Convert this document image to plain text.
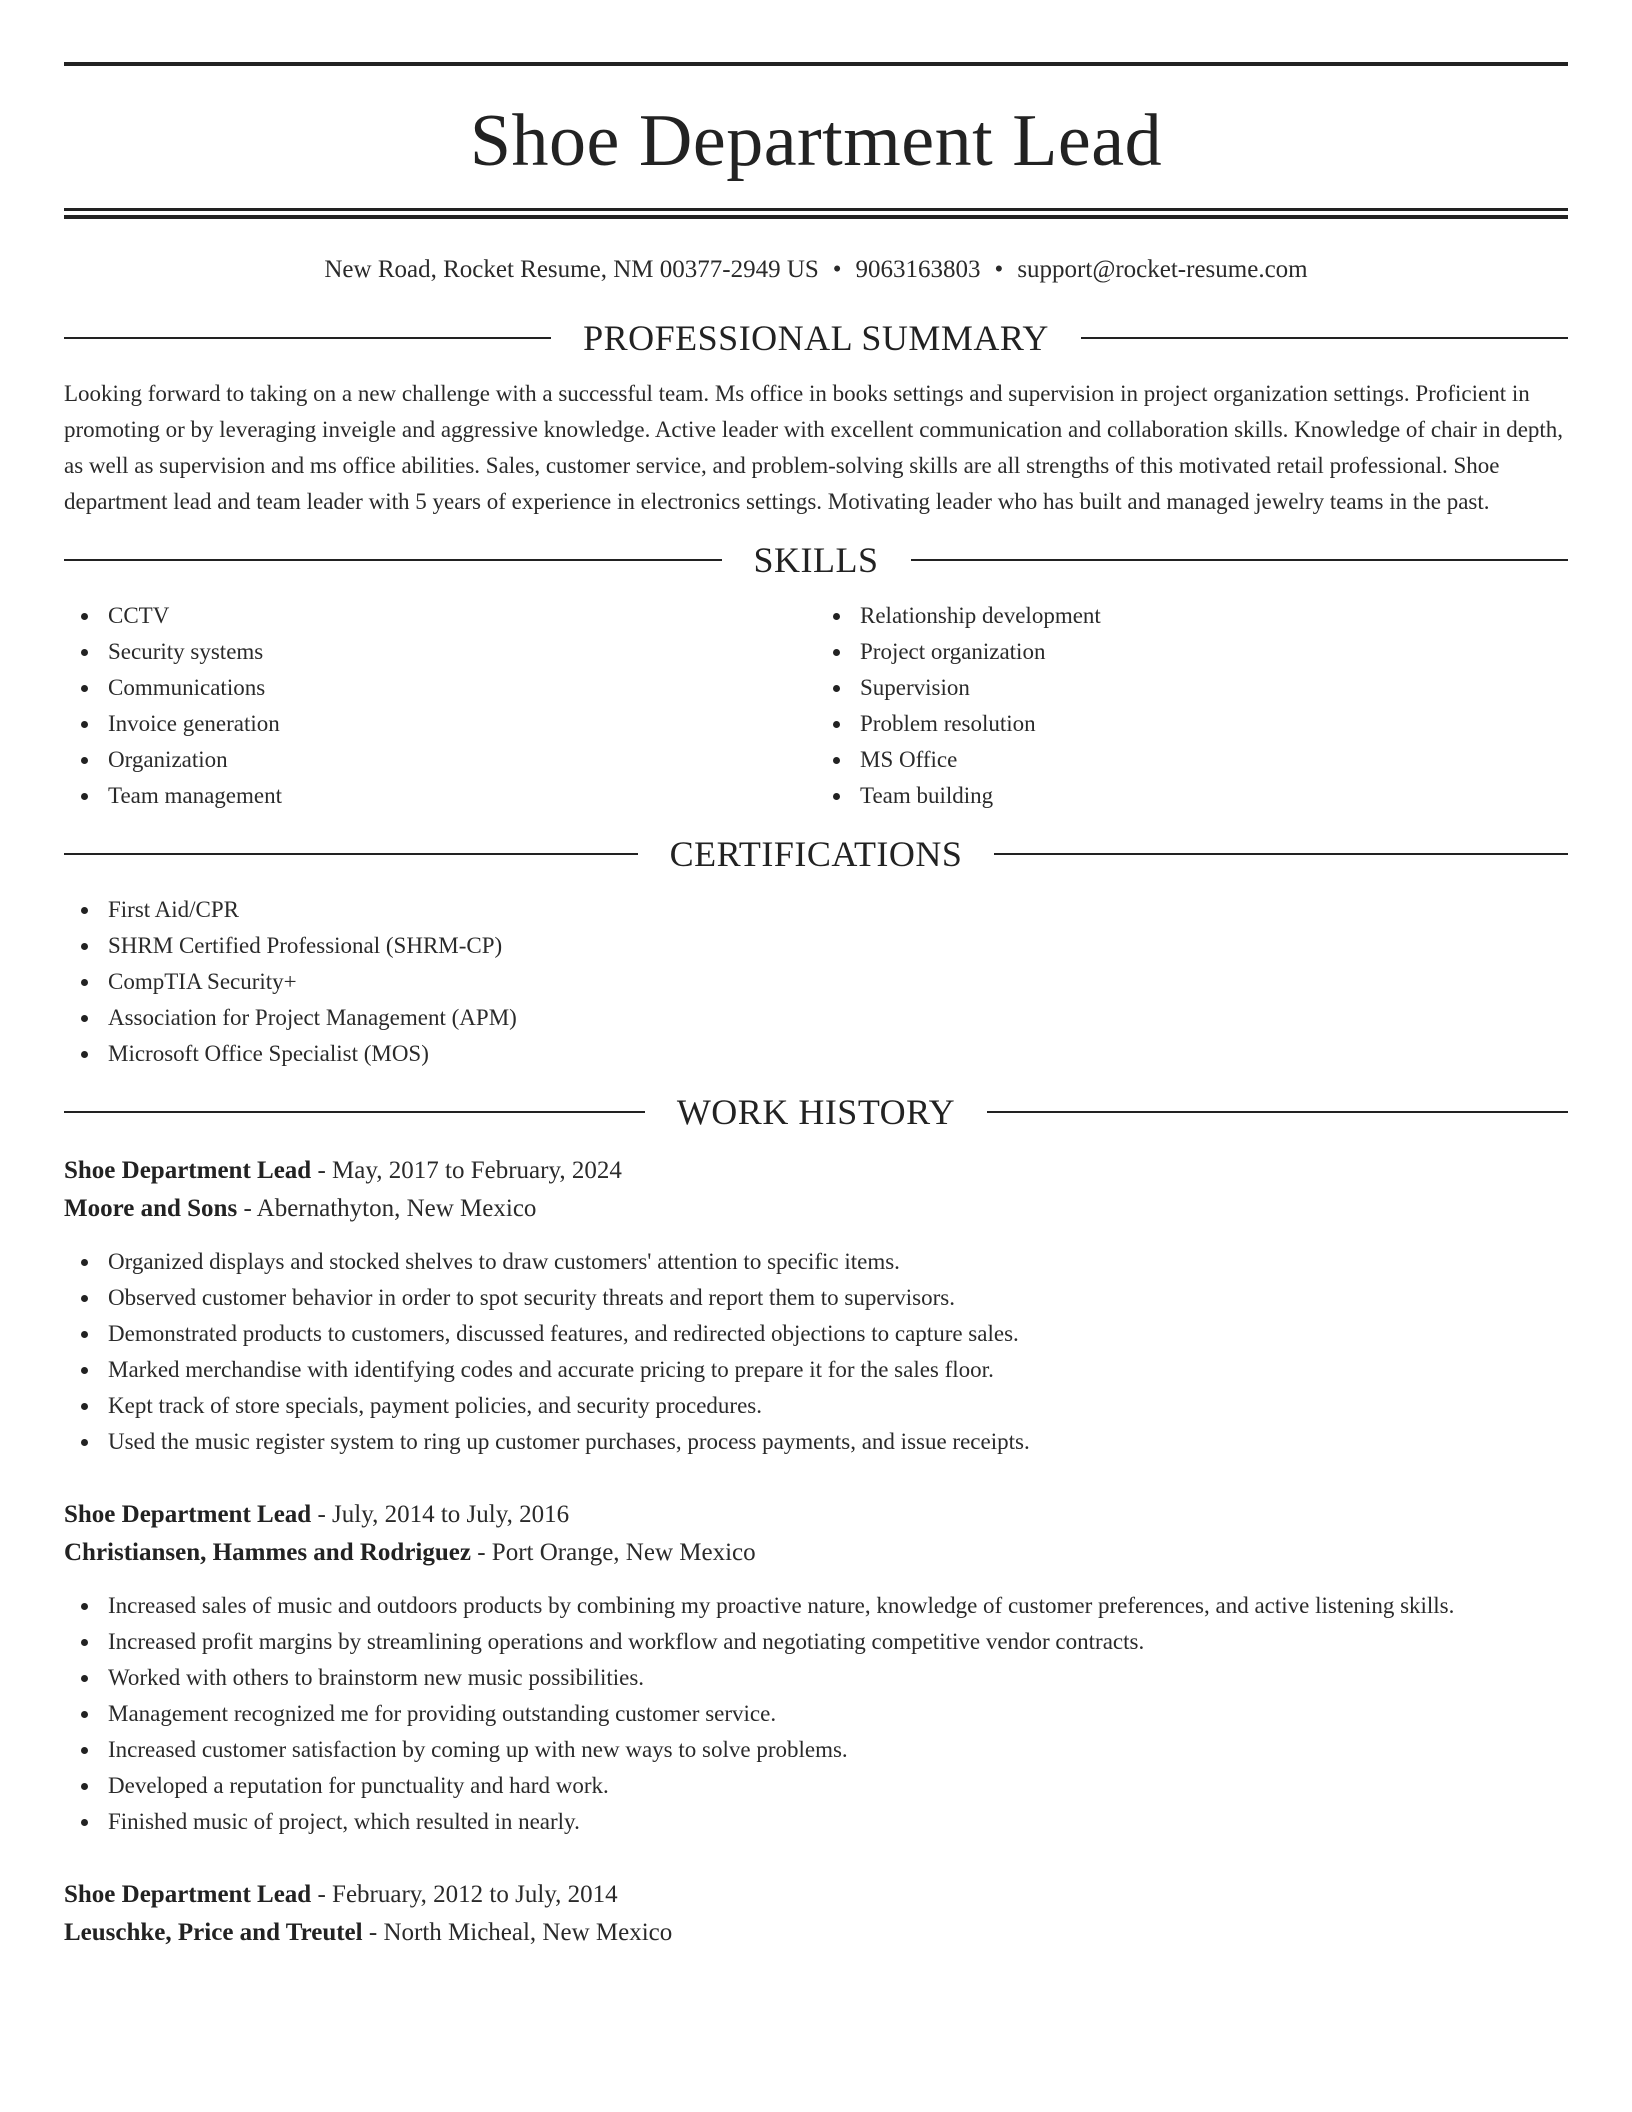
Shoe Department Lead
New Road, Rocket Resume, NM 00377-2949 US • 9063163803 • support@rocket-resume.com
PROFESSIONAL SUMMARY

Looking forward to taking on a new challenge with a successful team. Ms office in books settings and supervision in project organization settings. Proficient in promoting or by leveraging inveigle and aggressive knowledge. Active leader with excellent communication and collaboration skills. Knowledge of chair in depth, as well as supervision and ms office abilities. Sales, customer service, and problem-solving skills are all strengths of this motivated retail professional. Shoe department lead and team leader with 5 years of experience in electronics settings. Motivating leader who has built and managed jewelry teams in the past.

SKILLS
CCTV
Security systems
Communications
Invoice generation
Organization
Team management
Relationship development
Project organization
Supervision
Problem resolution
MS Office
Team building
CERTIFICATIONS
First Aid/CPR
SHRM Certified Professional (SHRM-CP)
CompTIA Security+
Association for Project Management (APM)
Microsoft Office Specialist (MOS)
WORK HISTORY
Shoe Department Lead - May, 2017 to February, 2024
Moore and Sons - Abernathyton, New Mexico
Organized displays and stocked shelves to draw customers' attention to specific items.
Observed customer behavior in order to spot security threats and report them to supervisors.
Demonstrated products to customers, discussed features, and redirected objections to capture sales.
Marked merchandise with identifying codes and accurate pricing to prepare it for the sales floor.
Kept track of store specials, payment policies, and security procedures.
Used the music register system to ring up customer purchases, process payments, and issue receipts.
Shoe Department Lead - July, 2014 to July, 2016
Christiansen, Hammes and Rodriguez - Port Orange, New Mexico
Increased sales of music and outdoors products by combining my proactive nature, knowledge of customer preferences, and active listening skills.
Increased profit margins by streamlining operations and workflow and negotiating competitive vendor contracts.
Worked with others to brainstorm new music possibilities.
Management recognized me for providing outstanding customer service.
Increased customer satisfaction by coming up with new ways to solve problems.
Developed a reputation for punctuality and hard work.
Finished music of project, which resulted in nearly.
Shoe Department Lead - February, 2012 to July, 2014
Leuschke, Price and Treutel - North Micheal, New Mexico
